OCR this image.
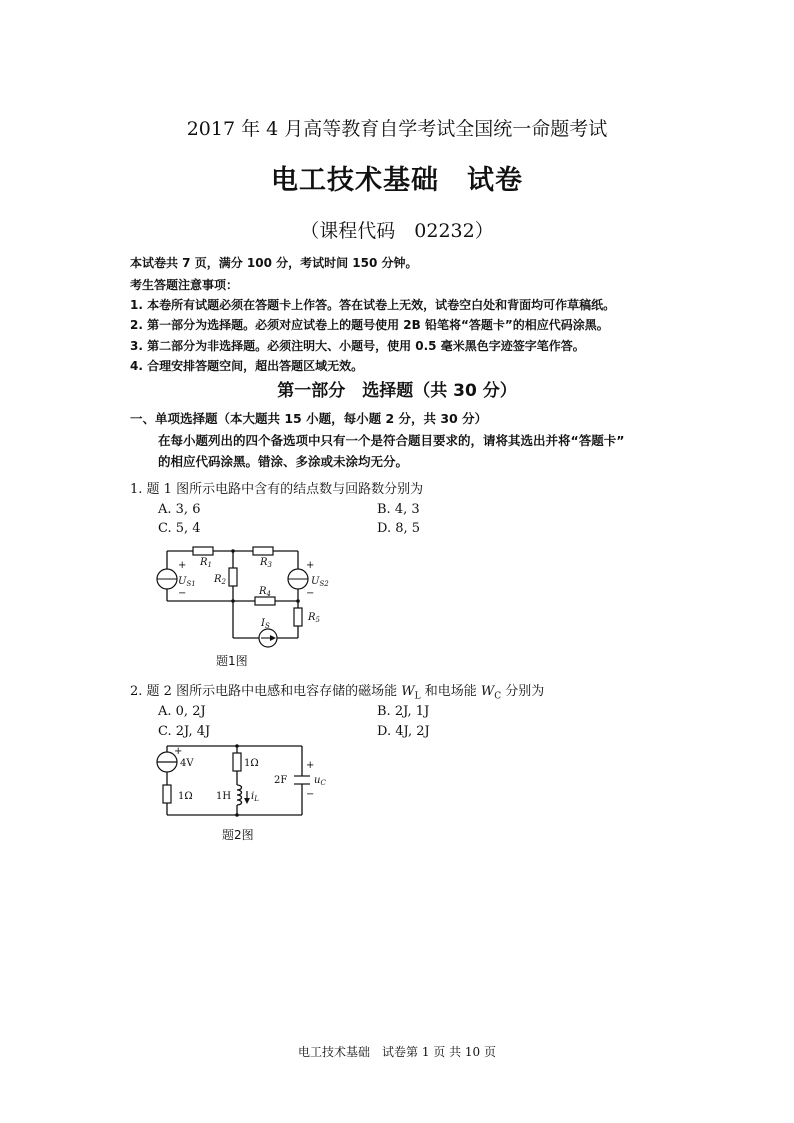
2017 年 4 月高等教育自学考试全国统一命题考试
电工技术基础　试卷
（课程代码　02232）
本试卷共 7 页，满分 100 分，考试时间 150 分钟。
考生答题注意事项：
1. 本卷所有试题必须在答题卡上作答。答在试卷上无效，试卷空白处和背面均可作草稿纸。
2. 第一部分为选择题。必须对应试卷上的题号使用 2B 铅笔将“答题卡”的相应代码涂黑。
3. 第二部分为非选择题。必须注明大、小题号，使用 0.5 毫米黑色字迹签字笔作答。
4. 合理安排答题空间，超出答题区域无效。
第一部分　选择题（共 30 分）
一、单项选择题（本大题共 15 小题，每小题 2 分，共 30 分）
在每小题列出的四个备选项中只有一个是符合题目要求的，请将其选出并将“答题卡”
的相应代码涂黑。错涂、多涂或未涂均无分。
1. 题 1 图所示电路中含有的结点数与回路数分别为
A. 3, 6	B. 4, 3
C. 5, 4	D. 8, 5
+
−
$U_{S1}$
$R_1$
$R_2$
$R_3$	+
−
$U_{S2}$
$R_4$
$R_5$
$I_S$
题1图
2. 题 2 图所示电路中电感和电容存储的磁场能 $W_L$ 和电场能 $W_C$ 分别为
A. 0, 2J	B. 2J, 1J
C. 2J, 4J	D. 4J, 2J
+
4V
1Ω
1Ω
1H $i_L$
2F
+
−
$u_C$
题2图
电工技术基础　试卷第 1 页 共 10 页
